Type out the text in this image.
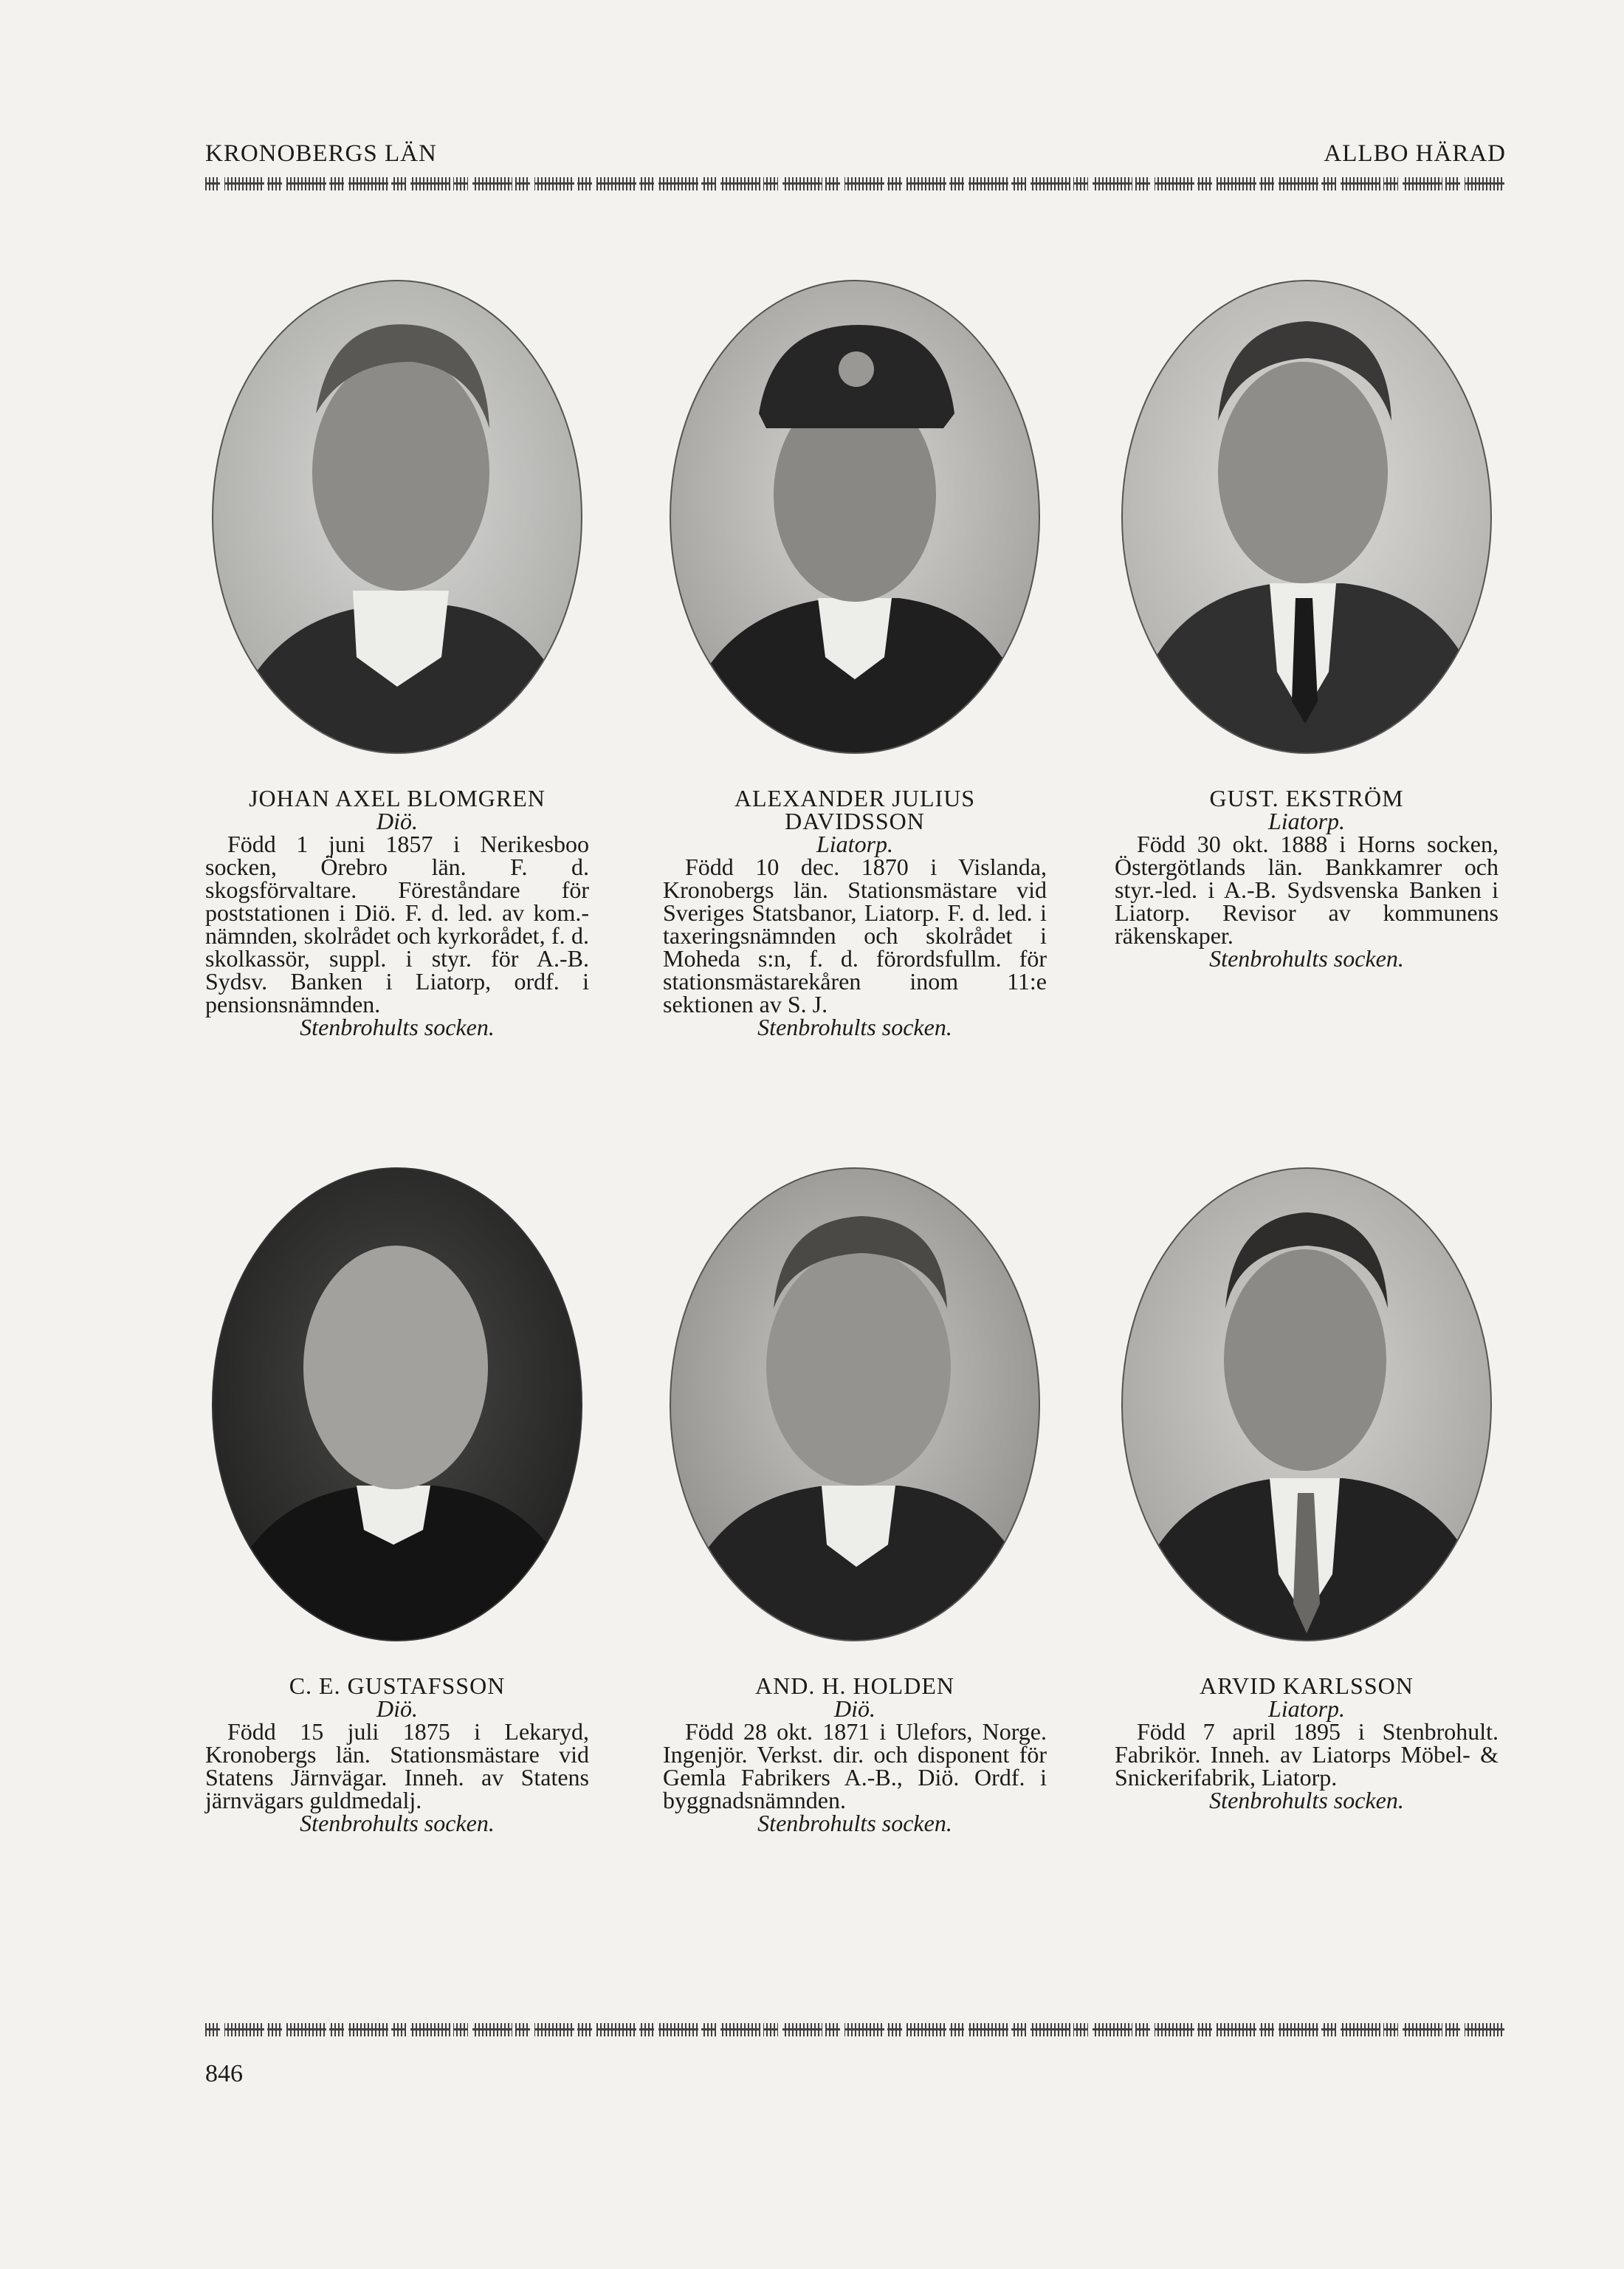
KRONOBERGS LÄN	ALLBO HÄRAD
JOHAN AXEL BLOMGREN
Diö.
Född 1 juni 1857 i Nerikesboo socken, Örebro län. F. d. skogsförvaltare. Föreståndare för poststationen i Diö. F. d. led. av kom.-nämnden, skolrådet och kyrkorådet, f. d. skolkassör, suppl. i styr. för A.-B. Sydsv. Banken i Liatorp, ordf. i pensionsnämnden.
Stenbrohults socken.
ALEXANDER JULIUS DAVIDSSON
Liatorp.
Född 10 dec. 1870 i Vislanda, Kronobergs län. Stationsmästare vid Sveriges Statsbanor, Liatorp. F. d. led. i taxeringsnämnden och skolrådet i Moheda s:n, f. d. förordsfullm. för stationsmästarekåren inom 11:e sektionen av S. J.
Stenbrohults socken.
GUST. EKSTRÖM
Liatorp.
Född 30 okt. 1888 i Horns socken, Östergötlands län. Bankkamrer och styr.-led. i A.-B. Sydsvenska Banken i Liatorp. Revisor av kommunens räkenskaper.
Stenbrohults socken.
C. E. GUSTAFSSON
Diö.
Född 15 juli 1875 i Lekaryd, Kronobergs län. Stationsmästare vid Statens Järnvägar. Inneh. av Statens järnvägars guldmedalj.
Stenbrohults socken.
AND. H. HOLDEN
Diö.
Född 28 okt. 1871 i Ulefors, Norge. Ingenjör. Verkst. dir. och disponent för Gemla Fabrikers A.-B., Diö. Ordf. i byggnadsnämnden.
Stenbrohults socken.
ARVID KARLSSON
Liatorp.
Född 7 april 1895 i Stenbrohult. Fabrikör. Inneh. av Liatorps Möbel- & Snickerifabrik, Liatorp.
Stenbrohults socken.
846
